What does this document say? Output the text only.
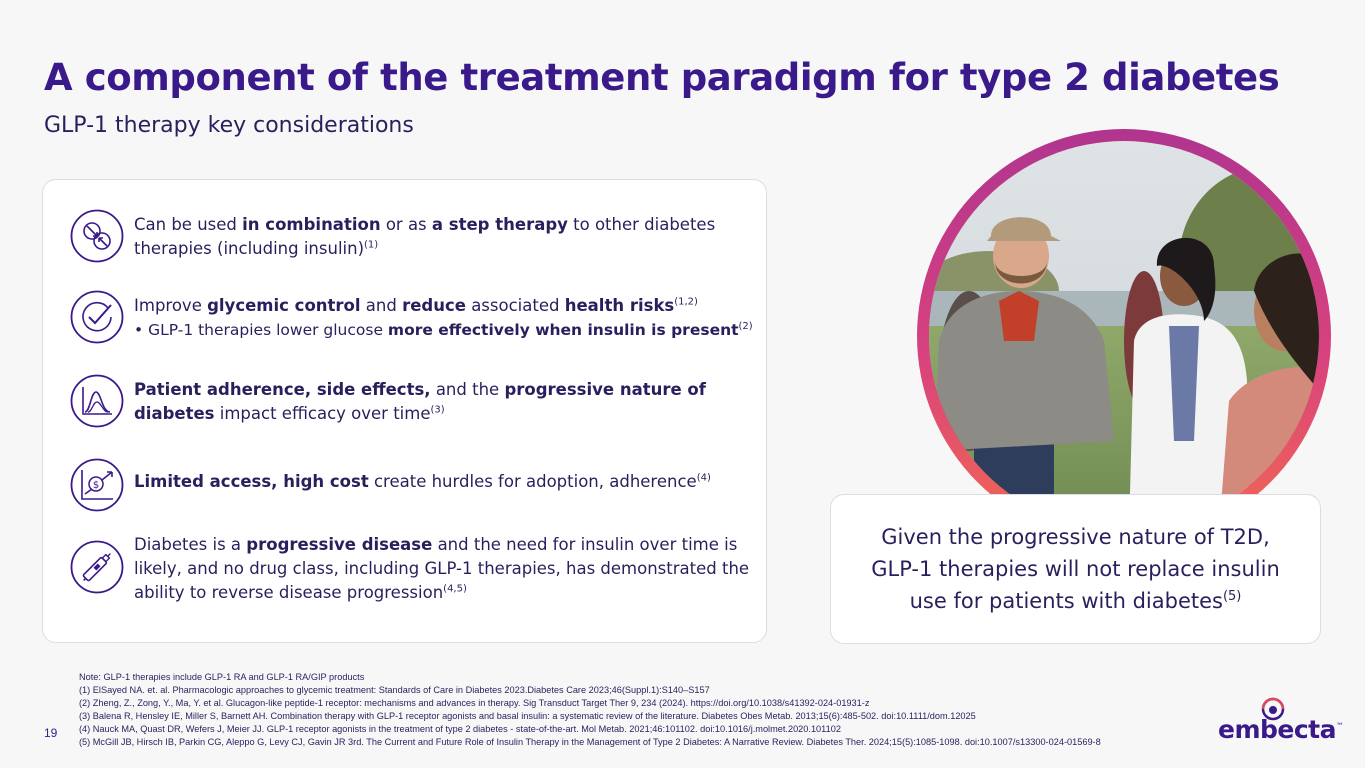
A component of the treatment paradigm for type 2 diabetes
GLP-1 therapy key considerations
Can be used in combination or as a step therapy to other diabetes therapies (including insulin)$^{(1)}$
Improve glycemic control and reduce associated health risks$^{(1,2)}$
• GLP-1 therapies lower glucose more effectively when insulin is present$^{(2)}$
Patient adherence, side effects, and the progressive nature of diabetes impact efficacy over time$^{(3)}$
$ Limited access, high cost create hurdles for adoption, adherence$^{(4)}$
Diabetes is a progressive disease and the need for insulin over time is likely, and no drug class, including GLP-1 therapies, has demonstrated the ability to reverse disease progression$^{(4,5)}$
Given the progressive nature of T2D, GLP-1 therapies will not replace insulin use for patients with diabetes$^{(5)}$
Note: GLP-1 therapies include GLP-1 RA and GLP-1 RA/GIP products
(1) ElSayed NA. et. al. Pharmacologic approaches to glycemic treatment: Standards of Care in Diabetes 2023.Diabetes Care 2023;46(Suppl.1):S140–S157
(2) Zheng, Z., Zong, Y., Ma, Y. et al. Glucagon-like peptide-1 receptor: mechanisms and advances in therapy. Sig Transduct Target Ther 9, 234 (2024). https://doi.org/10.1038/s41392-024-01931-z
(3) Balena R, Hensley IE, Miller S, Barnett AH. Combination therapy with GLP-1 receptor agonists and basal insulin: a systematic review of the literature. Diabetes Obes Metab. 2013;15(6):485-502. doi:10.1111/dom.12025
(4) Nauck MA, Quast DR, Wefers J, Meier JJ. GLP-1 receptor agonists in the treatment of type 2 diabetes - state-of-the-art. Mol Metab. 2021;46:101102. doi:10.1016/j.molmet.2020.101102
(5) McGill JB, Hirsch IB, Parkin CG, Aleppo G, Levy CJ, Gavin JR 3rd. The Current and Future Role of Insulin Therapy in the Management of Type 2 Diabetes: A Narrative Review. Diabetes Ther. 2024;15(5):1085-1098. doi:10.1007/s13300-024-01569-8
19	embecta™
